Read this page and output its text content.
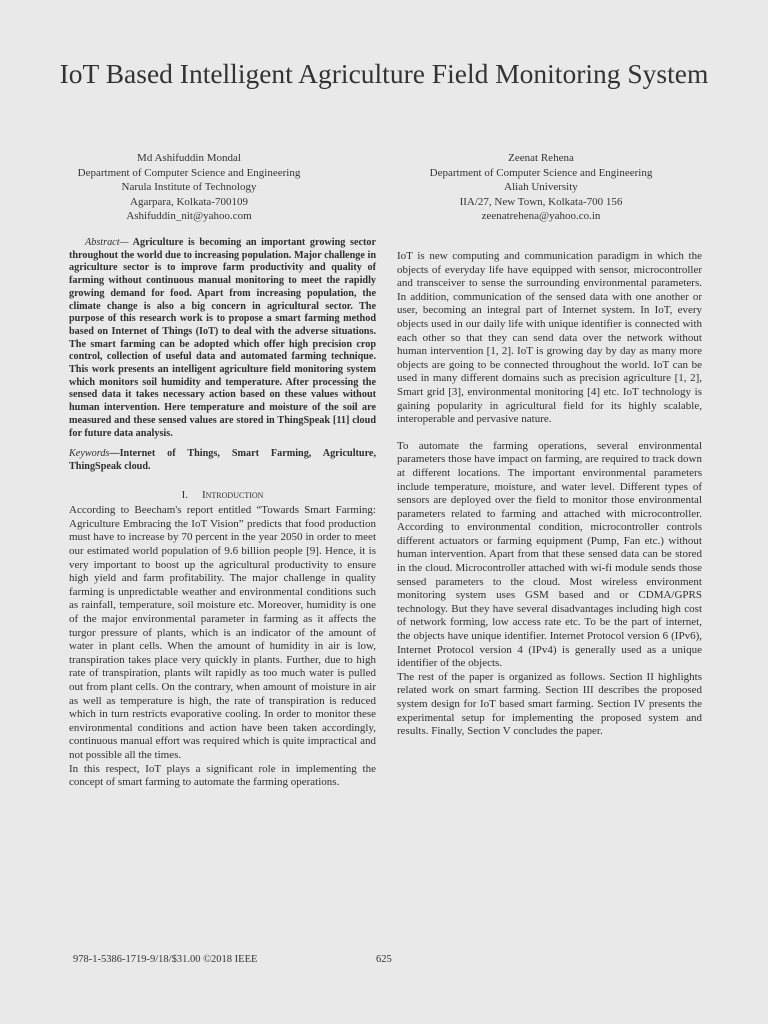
IoT Based Intelligent Agriculture Field Monitoring System
Md Ashifuddin Mondal
Department of Computer Science and Engineering
Narula Institute of Technology
Agarpara, Kolkata-700109
Ashifuddin_nit@yahoo.com
Zeenat Rehena
Department of Computer Science and Engineering
Aliah University
IIA/27, New Town, Kolkata-700 156
zeenatrehena@yahoo.co.in

Abstract— Agriculture is becoming an important growing sector throughout the world due to increasing population. Major challenge in agriculture sector is to improve farm productivity and quality of farming without continuous manual monitoring to meet the rapidly growing demand for food. Apart from increasing population, the climate change is also a big concern in agricultural sector. The purpose of this research work is to propose a smart farming method based on Internet of Things (IoT) to deal with the adverse situations. The smart farming can be adopted which offer high precision crop control, collection of useful data and automated farming technique. This work presents an intelligent agriculture field monitoring system which monitors soil humidity and temperature. After processing the sensed data it takes necessary action based on these values without human intervention. Here temperature and moisture of the soil are measured and these sensed values are stored in ThingSpeak [11] cloud for future data analysis.

Keywords—Internet of Things, Smart Farming, Agriculture, ThingSpeak cloud.

I. Introduction

According to Beecham's report entitled “Towards Smart Farming: Agriculture Embracing the IoT Vision” predicts that food production must have to increase by 70 percent in the year 2050 in order to meet our estimated world population of 9.6 billion people [9]. Hence, it is very important to boost up the agricultural productivity to ensure high yield and farm profitability. The major challenge in quality farming is unpredictable weather and environmental conditions such as rainfall, temperature, soil moisture etc. Moreover, humidity is one of the major environmental parameter in farming as it affects the turgor pressure of plants, which is an indicator of the amount of water in plant cells. When the amount of humidity in air is low, transpiration takes place very quickly in plants. Further, due to high rate of transpiration, plants wilt rapidly as too much water is pulled out from plant cells. On the contrary, when amount of moisture in air as well as temperature is high, the rate of transpiration is reduced which in turn restricts evaporative cooling. In order to monitor these environmental conditions and action have been taken accordingly, continuous manual effort was required which is quite impractical and not possible all the times.

In this respect, IoT plays a significant role in implementing the concept of smart farming to automate the farming operations.

IoT is new computing and communication paradigm in which the objects of everyday life have equipped with sensor, microcontroller and transceiver to sense the surrounding environmental parameters. In addition, communication of the sensed data with one another or user, becoming an integral part of Internet system. In IoT, every objects used in our daily life with unique identifier is connected with each other so that they can send data over the network without human intervention [1, 2]. IoT is growing day by day as many more objects are going to be connected throughout the world. IoT can be used in many different domains such as precision agriculture [1, 2], Smart grid [3], environmental monitoring [4] etc. IoT technology is gaining popularity in agricultural field for its highly scalable, interoperable and pervasive nature.

To automate the farming operations, several environmental parameters those have impact on farming, are required to track down at different locations. The important environmental parameters include temperature, moisture, and water level. Different types of sensors are deployed over the field to monitor those environmental parameters related to farming and attached with microcontroller. According to environmental condition, microcontroller controls different actuators or farming equipment (Pump, Fan etc.) without human intervention. Apart from that these sensed data can be stored in the cloud. Microcontroller attached with wi-fi module sends those sensed parameters to the cloud. Most wireless environment monitoring system uses GSM based and or CDMA/GPRS technology. But they have several disadvantages including high cost of network forming, low access rate etc. To be the part of internet, the objects have unique identifier. Internet Protocol version 6 (IPv6), Internet Protocol version 4 (IPv4) is generally used as a unique identifier of the objects.

The rest of the paper is organized as follows. Section II highlights related work on smart farming. Section III describes the proposed system design for IoT based smart farming. Section IV presents the experimental setup for implementing the proposed system and results. Finally, Section V concludes the paper.

978-1-5386-1719-9/18/$31.00 ©2018 IEEE	625
